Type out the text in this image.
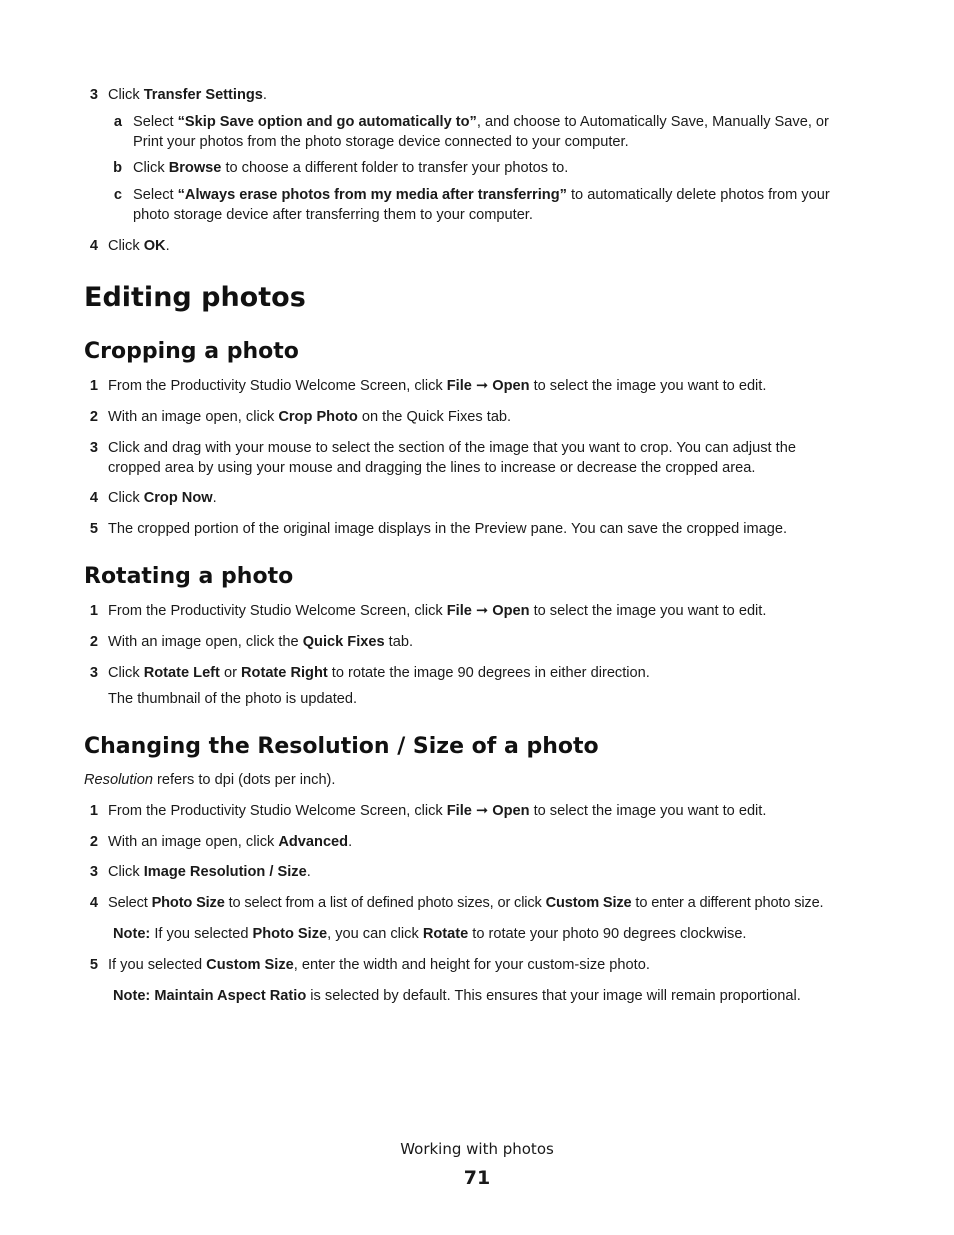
3 Click Transfer Settings.
a Select “Skip Save option and go automatically to”, and choose to Automatically Save, Manually Save, or
Print your photos from the photo storage device connected to your computer.
b Click Browse to choose a different folder to transfer your photos to.
c Select “Always erase photos from my media after transferring” to automatically delete photos from your
photo storage device after transferring them to your computer.
4 Click OK.
Editing photos
Cropping a photo
1 From the Productivity Studio Welcome Screen, click File ➞ Open to select the image you want to edit.
2 With an image open, click Crop Photo on the Quick Fixes tab.
3 Click and drag with your mouse to select the section of the image that you want to crop. You can adjust the
cropped area by using your mouse and dragging the lines to increase or decrease the cropped area.
4 Click Crop Now.
5 The cropped portion of the original image displays in the Preview pane. You can save the cropped image.
Rotating a photo
1 From the Productivity Studio Welcome Screen, click File ➞ Open to select the image you want to edit.
2 With an image open, click the Quick Fixes tab.
3 Click Rotate Left or Rotate Right to rotate the image 90 degrees in either direction.
The thumbnail of the photo is updated.
Changing the Resolution / Size of a photo
Resolution refers to dpi (dots per inch).
1 From the Productivity Studio Welcome Screen, click File ➞ Open to select the image you want to edit.
2 With an image open, click Advanced.
3 Click Image Resolution / Size.
4 Select Photo Size to select from a list of defined photo sizes, or click Custom Size to enter a different photo size.
Note: If you selected Photo Size, you can click Rotate to rotate your photo 90 degrees clockwise.
5 If you selected Custom Size, enter the width and height for your custom-size photo.
Note: Maintain Aspect Ratio is selected by default. This ensures that your image will remain proportional.
Working with photos
71
